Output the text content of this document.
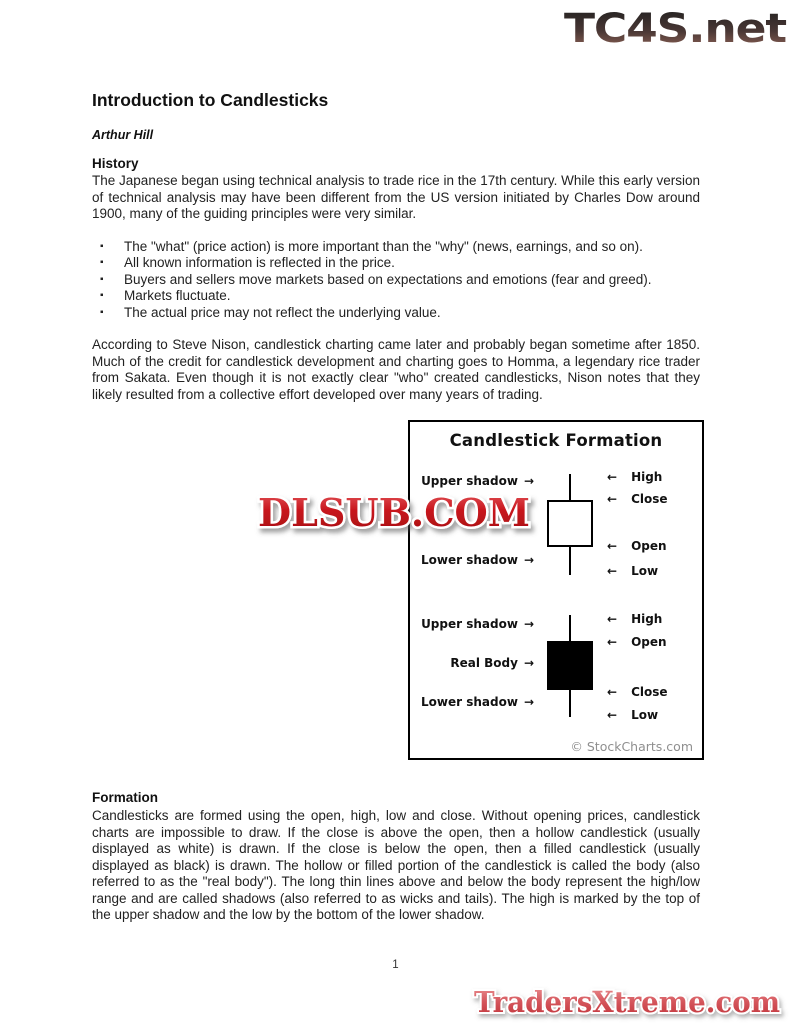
TC4S.net
Introduction to Candlesticks
Arthur Hill
History
The Japanese began using technical analysis to trade rice in the 17th century. While this early version of technical analysis may have been different from the US version initiated by Charles Dow around 1900, many of the guiding principles were very similar.
▪	The "what" (price action) is more important than the "why" (news, earnings, and so on).
▪	All known information is reflected in the price.
▪	Buyers and sellers move markets based on expectations and emotions (fear and greed).
▪	Markets fluctuate.
▪	The actual price may not reflect the underlying value.
According to Steve Nison, candlestick charting came later and probably began sometime after 1850. Much of the credit for candlestick development and charting goes to Homma, a legendary rice trader from Sakata. Even though it is not exactly clear "who" created candlesticks, Nison notes that they likely resulted from a collective effort developed over many years of trading.
Candlestick Formation
Upper shadow →
Lower shadow →
← High
← Close
← Open
← Low
Upper shadow →
Real Body →
Lower shadow →
← High
← Open
← Close
← Low
© StockCharts.com
DLSUB.COM
1
TradersXtreme.com
Formation
Candlesticks are formed using the open, high, low and close. Without opening prices, candlestick charts are impossible to draw. If the close is above the open, then a hollow candlestick (usually displayed as white) is drawn. If the close is below the open, then a filled candlestick (usually displayed as black) is drawn. The hollow or filled portion of the candlestick is called the body (also referred to as the "real body"). The long thin lines above and below the body represent the high/low range and are called shadows (also referred to as wicks and tails). The high is marked by the top of the upper shadow and the low by the bottom of the lower shadow.
